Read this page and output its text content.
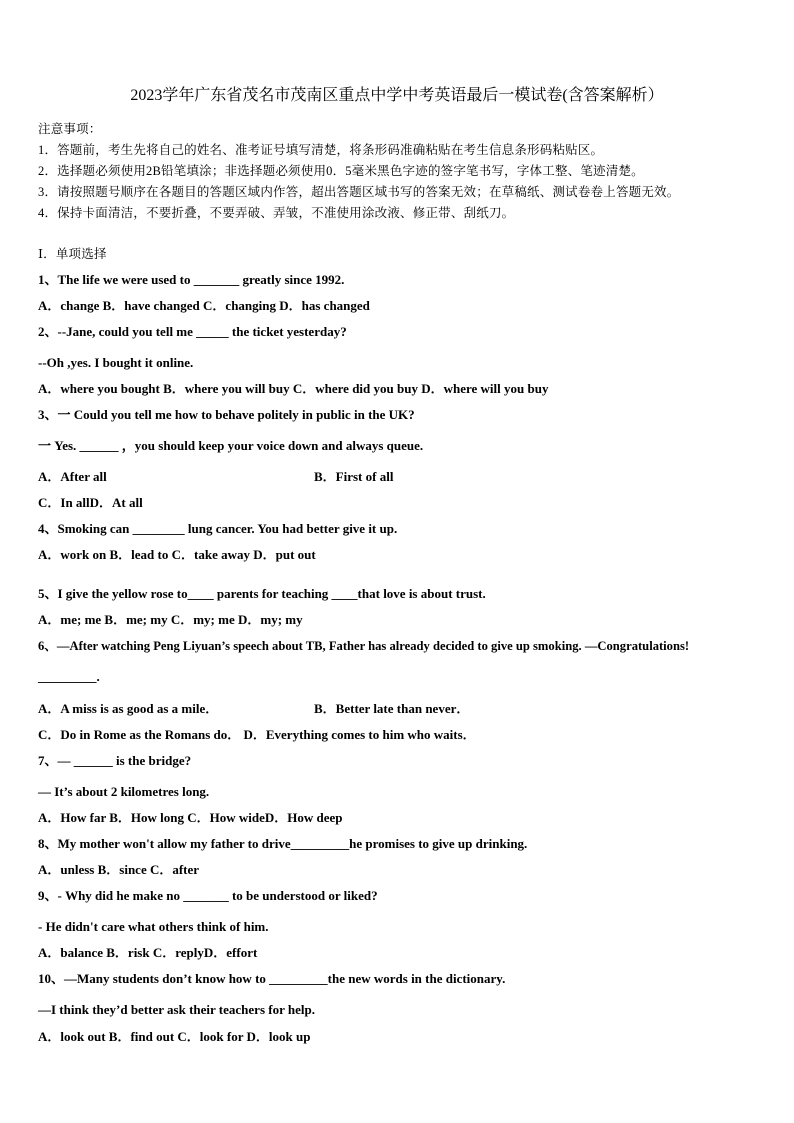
2023学年广东省茂名市茂南区重点中学中考英语最后一模试卷(含答案解析）
注意事项：
1．答题前，考生先将自己的姓名、准考证号填写清楚，将条形码准确粘贴在考生信息条形码粘贴区。
2．选择题必须使用2B铅笔填涂；非选择题必须使用0．5毫米黑色字迹的签字笔书写，字体工整、笔迹清楚。
3．请按照题号顺序在各题目的答题区域内作答，超出答题区域书写的答案无效；在草稿纸、测试卷卷上答题无效。
4．保持卡面清洁，不要折叠，不要弄破、弄皱，不准使用涂改液、修正带、刮纸刀。
Ⅰ．单项选择
1、The life we were used to _______ greatly since 1992.
A．change B．have changed C．changing D．has changed
2、--Jane, could you tell me _____ the ticket yesterday?
--Oh ,yes. I bought it online.
A．where you bought B．where you will buy C．where did you buy D．where will you buy
3、一 Could you tell me how to behave politely in public in the UK?
一 Yes. ______ ，you should keep your voice down and always queue.
A．After all	B．First of all
C．In allD．At all
4、Smoking can ________ lung cancer. You had better give it up.
A．work on B．lead to C．take away D．put out
5、I give the yellow rose to____ parents for teaching ____that love is about trust.
A．me; me B．me; my C．my; me D．my; my
6、—After watching Peng Liyuan’s speech about TB, Father has already decided to give up smoking. —Congratulations!
_________.
A．A miss is as good as a mile．	B．Better late than never．
C．Do in Rome as the Romans do． D．Everything comes to him who waits．
7、— ______ is the bridge?
— It’s about 2 kilometres long.
A．How far B．How long C．How wideD．How deep
8、My mother won't allow my father to drive_________he promises to give up drinking.
A．unless B．since C．after
9、- Why did he make no _______ to be understood or liked?
- He didn't care what others think of him.
A．balance B．risk C．replyD．effort
10、—Many students don’t know how to _________the new words in the dictionary.
—I think they’d better ask their teachers for help.
A．look out B．find out C．look for D．look up
